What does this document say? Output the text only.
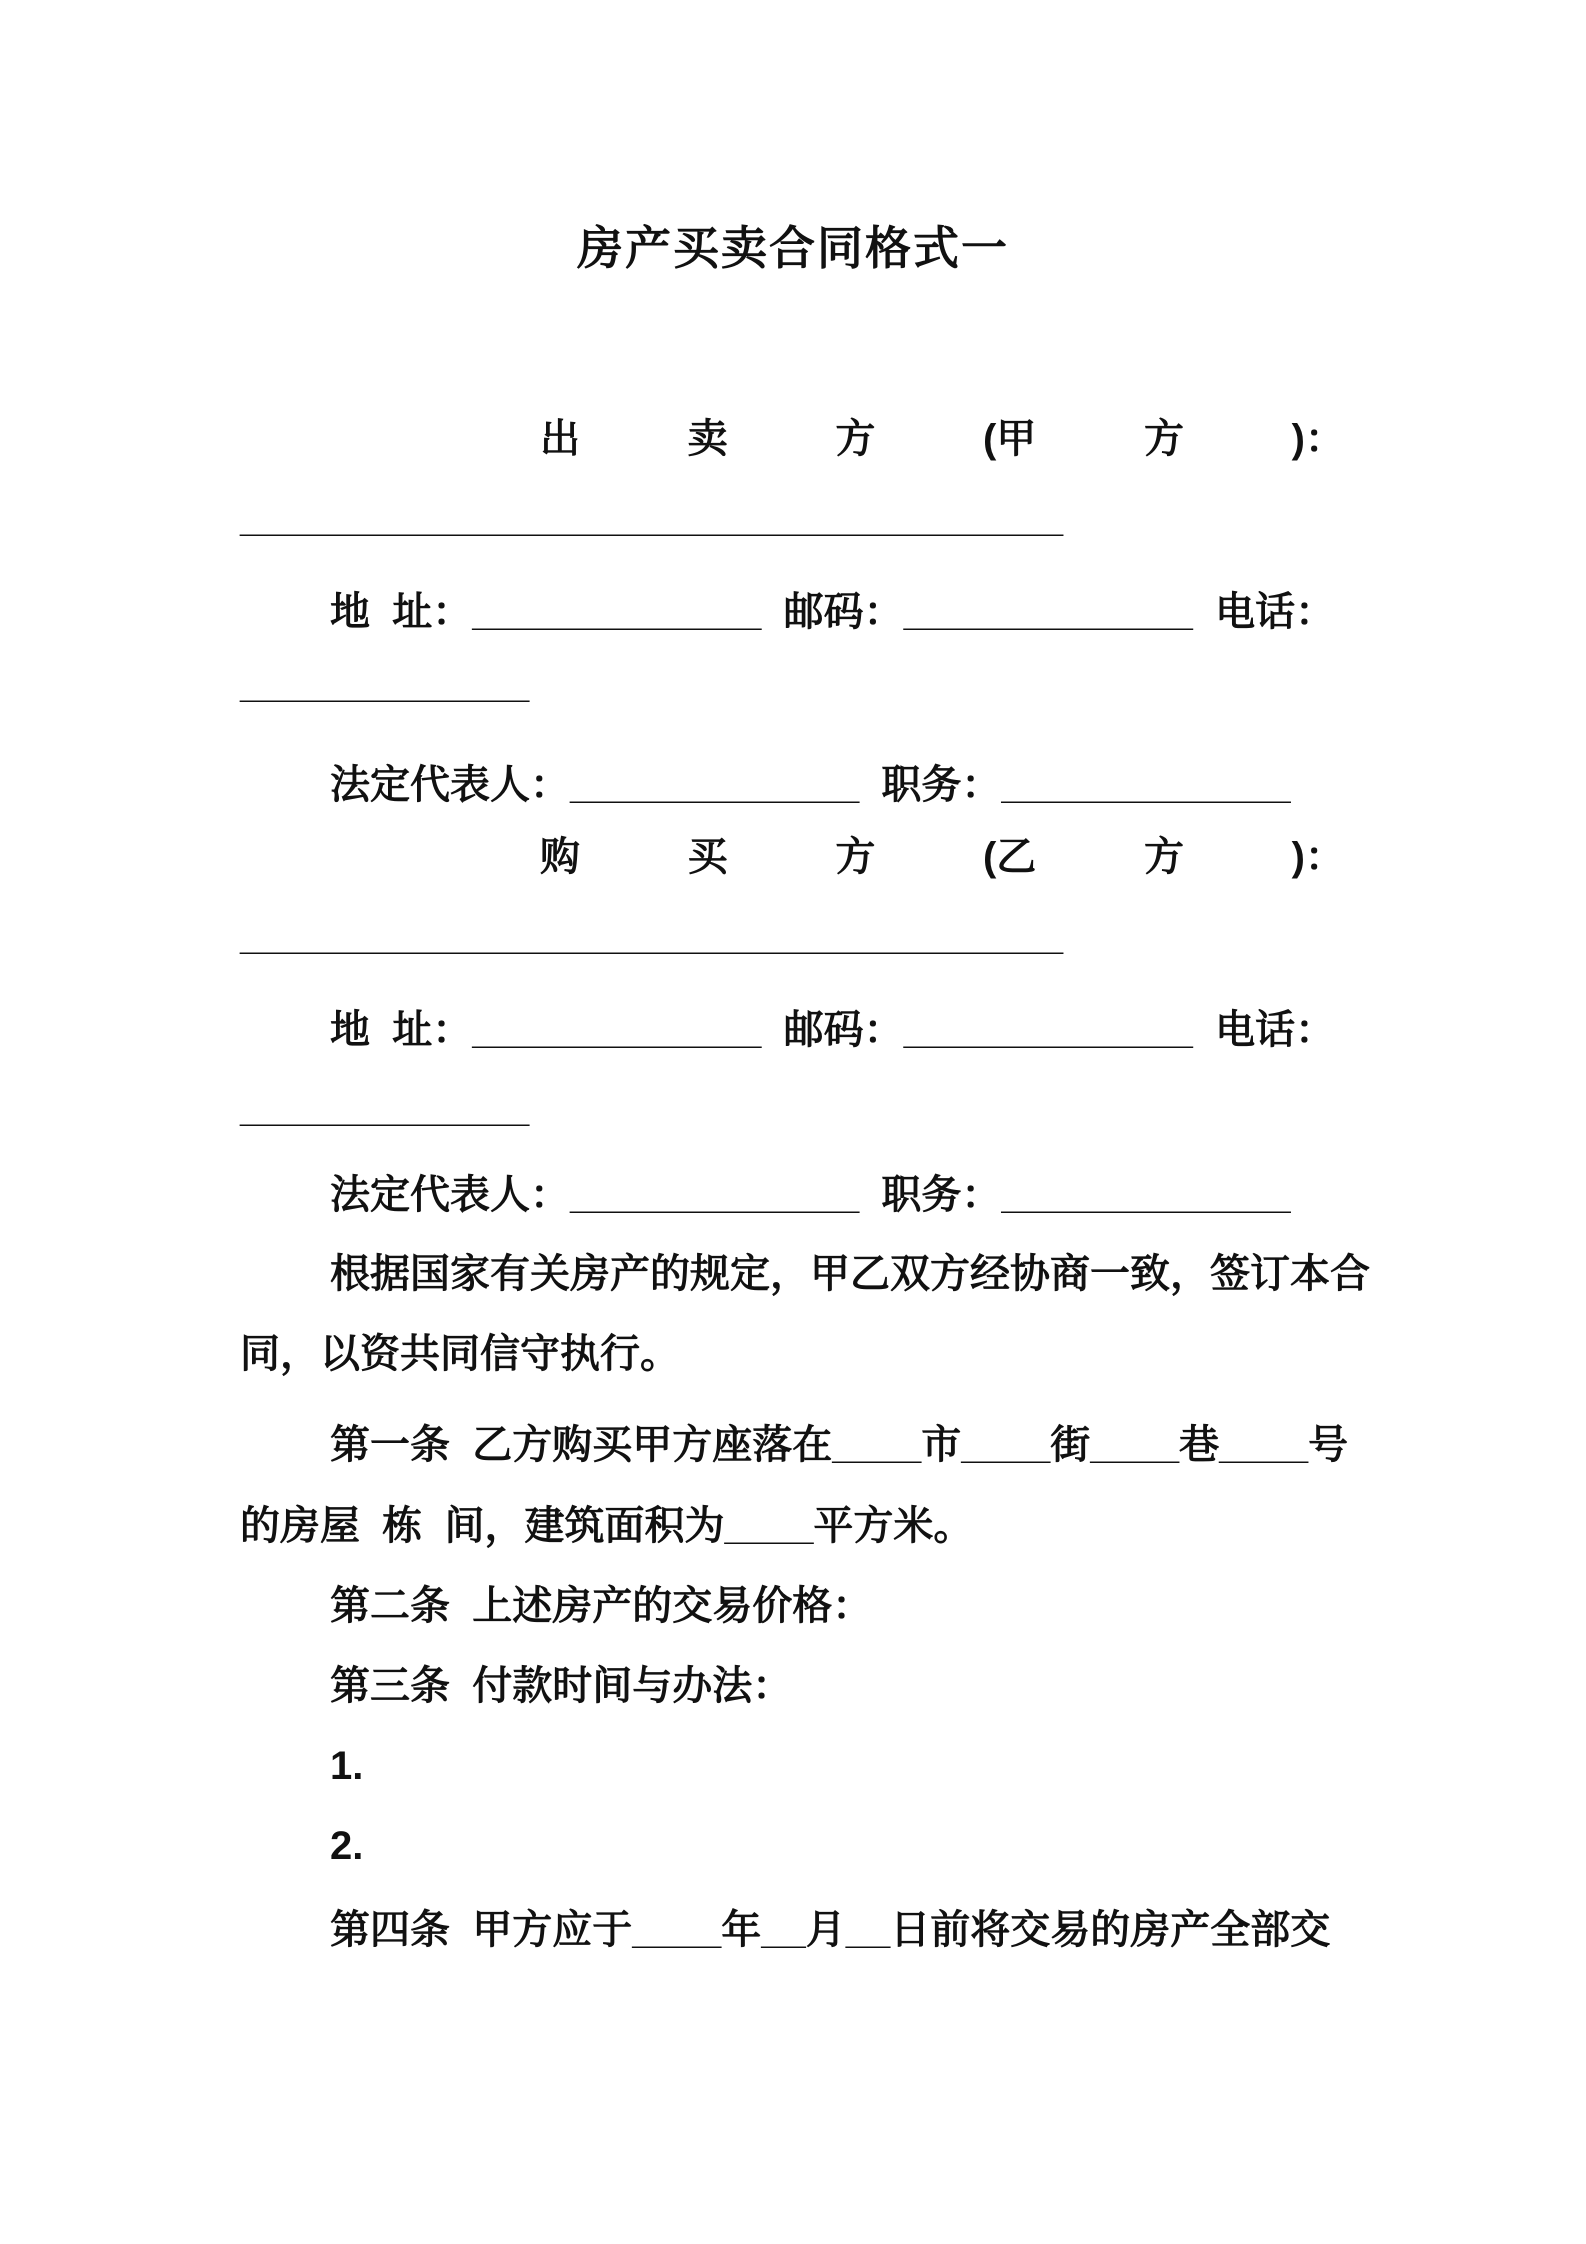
房产买卖合同格式一
出	卖	方	(甲	方	)：
_____________________________________
地  址：_____________  邮码：_____________  电话：
_____________
法定代表人：_____________  职务：_____________
购	买	方	(乙	方	)：
_____________________________________
地  址：_____________  邮码：_____________  电话：
_____________
法定代表人：_____________  职务：_____________
根据国家有关房产的规定，甲乙双方经协商一致，签订本合
同，以资共同信守执行。
第一条  乙方购买甲方座落在____市____街____巷____号
的房屋  栋  间，建筑面积为____平方米。
第二条  上述房产的交易价格：
第三条  付款时间与办法：
1.
2.
第四条  甲方应于____年__月__日前将交易的房产全部交
